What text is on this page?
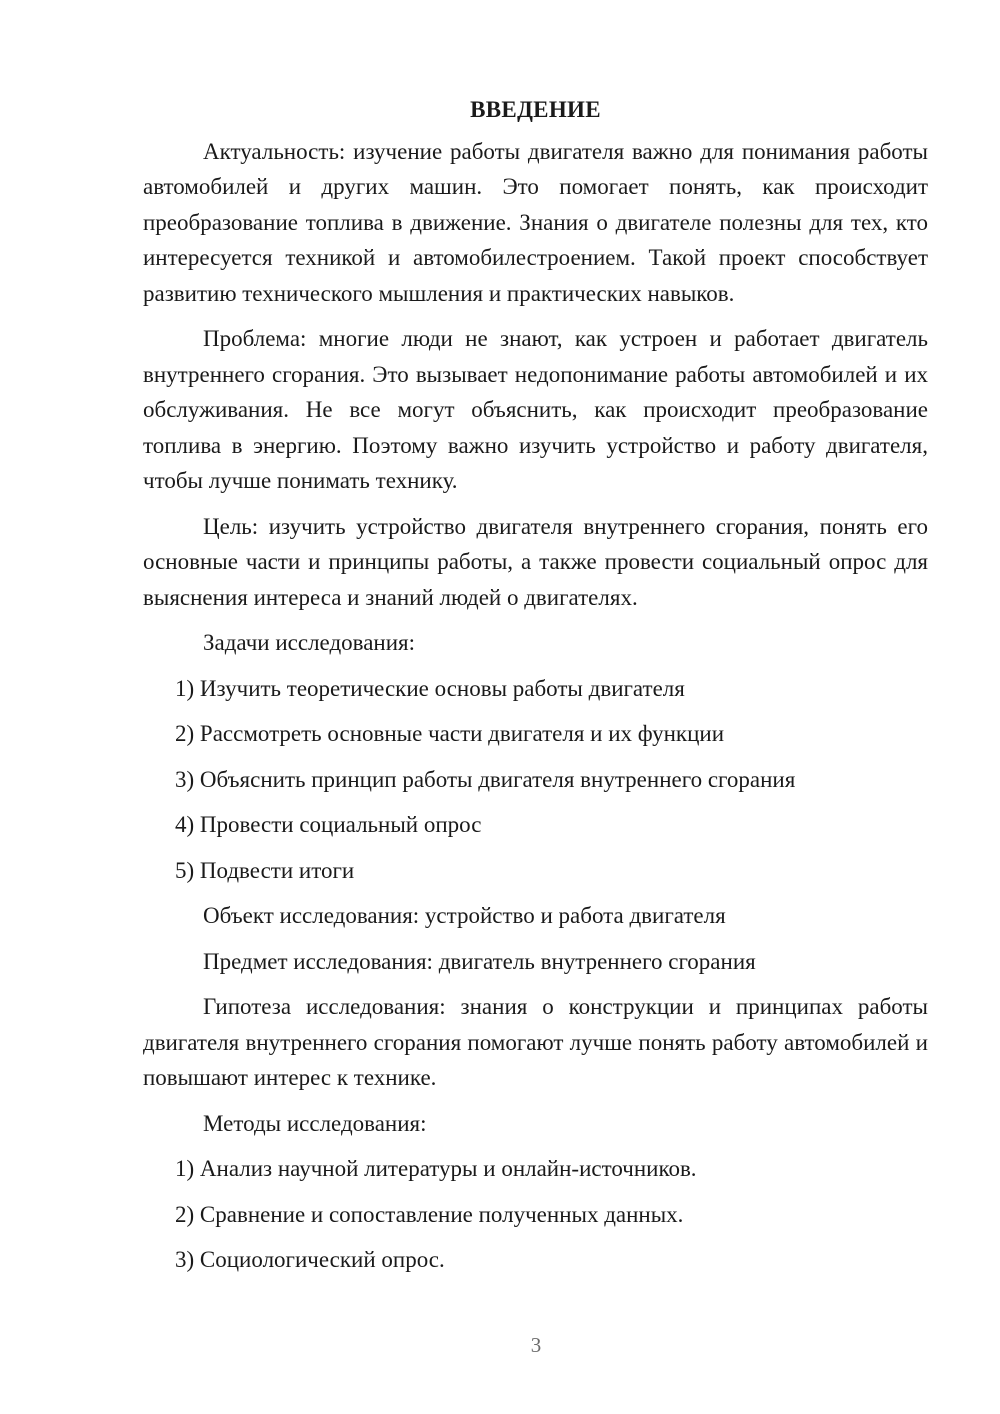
ВВЕДЕНИЕ

Актуальность: изучение работы двигателя важно для понимания работы автомобилей и других машин. Это помогает понять, как происходит преобразование топлива в движение. Знания о двигателе полезны для тех, кто интересуется техникой и автомобилестроением. Такой проект способствует развитию технического мышления и практических навыков.

Проблема: многие люди не знают, как устроен и работает двигатель внутреннего сгорания. Это вызывает недопонимание работы автомобилей и их обслуживания. Не все могут объяснить, как происходит преобразование топлива в энергию. Поэтому важно изучить устройство и работу двигателя, чтобы лучше понимать технику.

Цель: изучить устройство двигателя внутреннего сгорания, понять его основные части и принципы работы, а также провести социальный опрос для выяснения интереса и знаний людей о двигателях.

Задачи исследования:

1) Изучить теоретические основы работы двигателя
2) Рассмотреть основные части двигателя и их функции
3) Объяснить принцип работы двигателя внутреннего сгорания
4) Провести социальный опрос
5) Подвести итоги

Объект исследования: устройство и работа двигателя

Предмет исследования: двигатель внутреннего сгорания

Гипотеза исследования: знания о конструкции и принципах работы двигателя внутреннего сгорания помогают лучше понять работу автомобилей и повышают интерес к технике.

Методы исследования:

1) Анализ научной литературы и онлайн-источников.
2) Сравнение и сопоставление полученных данных.
3) Социологический опрос.
3
